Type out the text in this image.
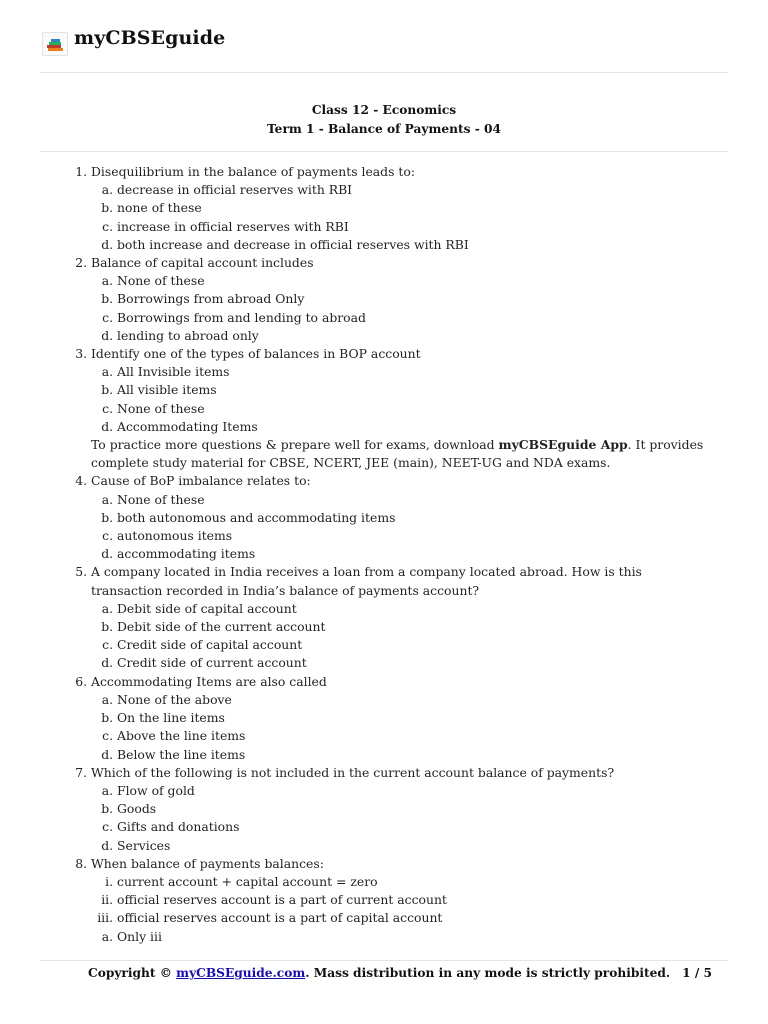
myCBSEguide
Class 12 - Economics
Term 1 - Balance of Payments - 04
1. Disequilibrium in the balance of payments leads to:
a. decrease in official reserves with RBI
b. none of these
c. increase in official reserves with RBI
d. both increase and decrease in official reserves with RBI
2. Balance of capital account includes
a. None of these
b. Borrowings from abroad Only
c. Borrowings from and lending to abroad
d. lending to abroad only
3. Identify one of the types of balances in BOP account
a. All Invisible items
b. All visible items
c. None of these
d. Accommodating Items
To practice more questions & prepare well for exams, download myCBSEguide App. It provides complete study material for CBSE, NCERT, JEE (main), NEET-UG and NDA exams.
4. Cause of BoP imbalance relates to:
a. None of these
b. both autonomous and accommodating items
c. autonomous items
d. accommodating items
5. A company located in India receives a loan from a company located abroad. How is this transaction recorded in India’s balance of payments account?
a. Debit side of capital account
b. Debit side of the current account
c. Credit side of capital account
d. Credit side of current account
6. Accommodating Items are also called
a. None of the above
b. On the line items
c. Above the line items
d. Below the line items
7. Which of the following is not included in the current account balance of payments?
a. Flow of gold
b. Goods
c. Gifts and donations
d. Services
8. When balance of payments balances:
i. current account + capital account = zero
ii. official reserves account is a part of current account
iii. official reserves account is a part of capital account
a. Only iii
Copyright © myCBSEguide.com. Mass distribution in any mode is strictly prohibited. 1 / 5
